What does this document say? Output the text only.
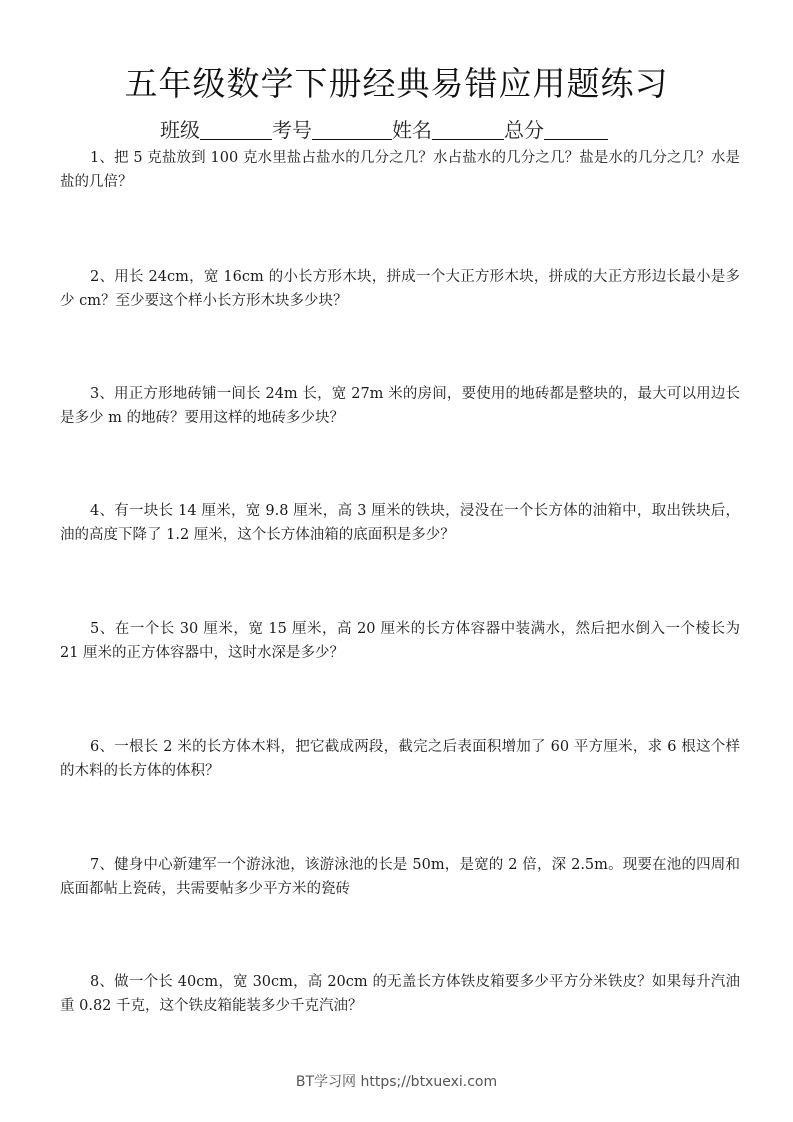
五年级数学下册经典易错应用题练习
班级	考号	姓名	总分

1、把 5 克盐放到 100 克水里盐占盐水的几分之几？水占盐水的几分之几？盐是水的几分之几？水是盐的几倍？

2、用长 24cm，宽 16cm 的小长方形木块，拼成一个大正方形木块，拼成的大正方形边长最小是多少 cm？至少要这个样小长方形木块多少块？

3、用正方形地砖铺一间长 24m 长，宽 27m 米的房间，要使用的地砖都是整块的，最大可以用边长是多少 m 的地砖？要用这样的地砖多少块？

4、有一块长 14 厘米，宽 9.8 厘米，高 3 厘米的铁块，浸没在一个长方体的油箱中，取出铁块后，油的高度下降了 1.2 厘米，这个长方体油箱的底面积是多少？

5、在一个长 30 厘米，宽 15 厘米，高 20 厘米的长方体容器中装满水，然后把水倒入一个棱长为 21 厘米的正方体容器中，这时水深是多少？

6、一根长 2 米的长方体木料，把它截成两段，截完之后表面积增加了 60 平方厘米，求 6 根这个样的木料的长方体的体积？

7、健身中心新建军一个游泳池，该游泳池的长是 50m，是宽的 2 倍，深 2.5m。现要在池的四周和底面都帖上瓷砖，共需要帖多少平方米的瓷砖

8、做一个长 40cm，宽 30cm，高 20cm 的无盖长方体铁皮箱要多少平方分米铁皮？如果每升汽油重 0.82 千克，这个铁皮箱能装多少千克汽油？

BT学习网 https;//btxuexi.com
